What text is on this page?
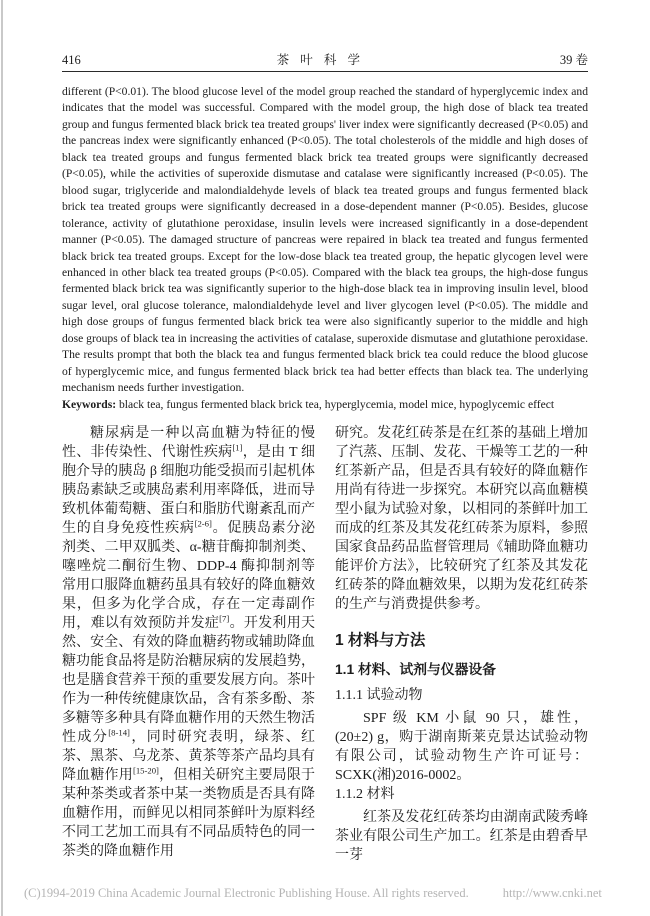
416	茶 叶 科 学	39 卷

different (P<0.01). The blood glucose level of the model group reached the standard of hyperglycemic index and indicates that the model was successful. Compared with the model group, the high dose of black tea treated group and fungus fermented black brick tea treated groups' liver index were significantly decreased (P<0.05) and the pancreas index were significantly enhanced (P<0.05). The total cholesterols of the middle and high doses of black tea treated groups and fungus fermented black brick tea treated groups were significantly decreased (P<0.05), while the activities of superoxide dismutase and catalase were significantly increased (P<0.05). The blood sugar, triglyceride and malondialdehyde levels of black tea treated groups and fungus fermented black brick tea treated groups were significantly decreased in a dose-dependent manner (P<0.05). Besides, glucose tolerance, activity of glutathione peroxidase, insulin levels were increased significantly in a dose-dependent manner (P<0.05). The damaged structure of pancreas were repaired in black tea treated and fungus fermented black brick tea treated groups. Except for the low-dose black tea treated group, the hepatic glycogen level were enhanced in other black tea treated groups (P<0.05). Compared with the black tea groups, the high-dose fungus fermented black brick tea was significantly superior to the high-dose black tea in improving insulin level, blood sugar level, oral glucose tolerance, malondialdehyde level and liver glycogen level (P<0.05). The middle and high dose groups of fungus fermented black brick tea were also significantly superior to the middle and high dose groups of black tea in increasing the activities of catalase, superoxide dismutase and glutathione peroxidase. The results prompt that both the black tea and fungus fermented black brick tea could reduce the blood glucose of hyperglycemic mice, and fungus fermented black brick tea had better effects than black tea. The underlying mechanism needs further investigation.

Keywords: black tea, fungus fermented black brick tea, hyperglycemia, model mice, hypoglycemic effect

糖尿病是一种以高血糖为特征的慢性、非传染性、代谢性疾病[1]，是由 T 细胞介导的胰岛 β 细胞功能受损而引起机体胰岛素缺乏或胰岛素利用率降低，进而导致机体葡萄糖、蛋白和脂肪代谢紊乱而产生的自身免疫性疾病[2-6]。促胰岛素分泌剂类、二甲双胍类、α-糖苷酶抑制剂类、噻唑烷二酮衍生物、DDP-4 酶抑制剂等常用口服降血糖药虽具有较好的降血糖效果，但多为化学合成，存在一定毒副作用，难以有效预防并发症[7]。开发利用天然、安全、有效的降血糖药物或辅助降血糖功能食品将是防治糖尿病的发展趋势，也是膳食营养干预的重要发展方向。茶叶作为一种传统健康饮品，含有茶多酚、茶多糖等多种具有降血糖作用的天然生物活性成分[8-14]，同时研究表明，绿茶、红茶、黑茶、乌龙茶、黄茶等茶产品均具有降血糖作用[15-20]，但相关研究主要局限于某种茶类或者茶中某一类物质是否具有降血糖作用，而鲜见以相同茶鲜叶为原料经不同工艺加工而具有不同品质特色的同一茶类的降血糖作用

研究。发花红砖茶是在红茶的基础上增加了汽蒸、压制、发花、干燥等工艺的一种红茶新产品，但是否具有较好的降血糖作用尚有待进一步探究。本研究以高血糖模型小鼠为试验对象，以相同的茶鲜叶加工而成的红茶及其发花红砖茶为原料，参照国家食品药品监督管理局《辅助降血糖功能评价方法》，比较研究了红茶及其发花红砖茶的降血糖效果，以期为发花红砖茶的生产与消费提供参考。

1 材料与方法

1.1 材料、试剂与仪器设备

1.1.1 试验动物

SPF 级 KM 小鼠 90 只，雄性，(20±2) g，购于湖南斯莱克景达试验动物有限公司，试验动物生产许可证号：SCXK(湘)2016-0002。

1.1.2 材料

红茶及发花红砖茶均由湖南武陵秀峰茶业有限公司生产加工。红茶是由碧香早一芽

(C)1994-2019 China Academic Journal Electronic Publishing House. All rights reserved.	http://www.cnki.net
